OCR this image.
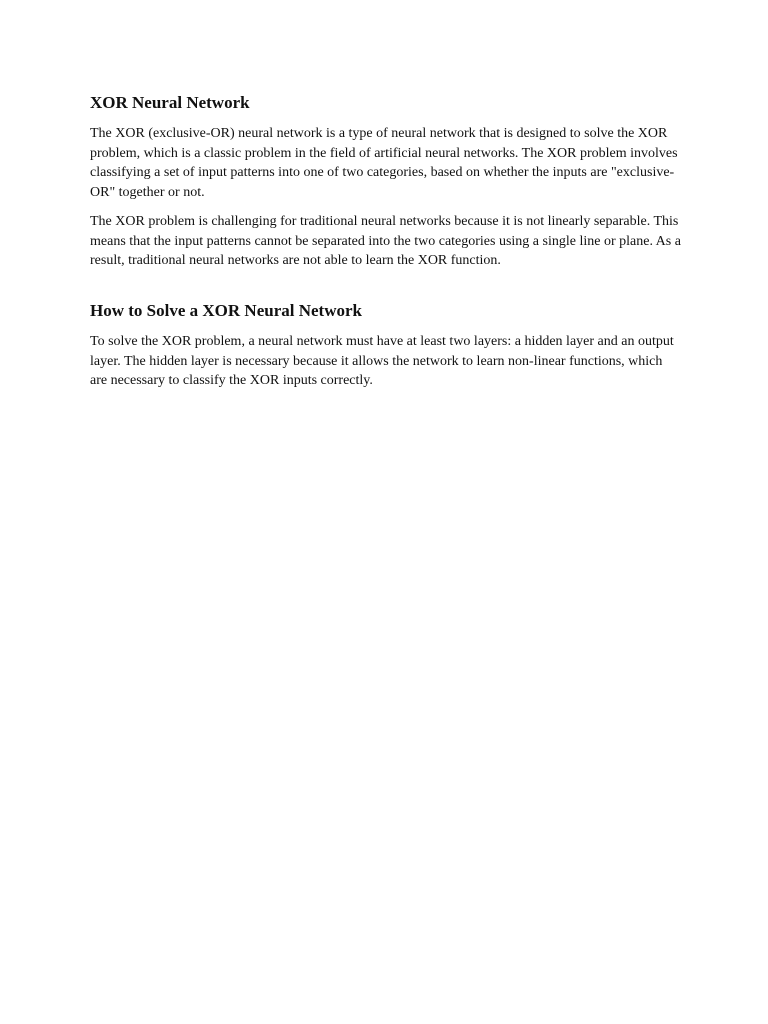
XOR Neural Network

The XOR (exclusive-OR) neural network is a type of neural network that is designed to solve the XOR problem, which is a classic problem in the field of artificial neural networks. The XOR problem involves classifying a set of input patterns into one of two categories, based on whether the inputs are "exclusive-OR" together or not.

The XOR problem is challenging for traditional neural networks because it is not linearly separable. This means that the input patterns cannot be separated into the two categories using a single line or plane. As a result, traditional neural networks are not able to learn the XOR function.

How to Solve a XOR Neural Network

To solve the XOR problem, a neural network must have at least two layers: a hidden layer and an output layer. The hidden layer is necessary because it allows the network to learn non-linear functions, which are necessary to classify the XOR inputs correctly.
